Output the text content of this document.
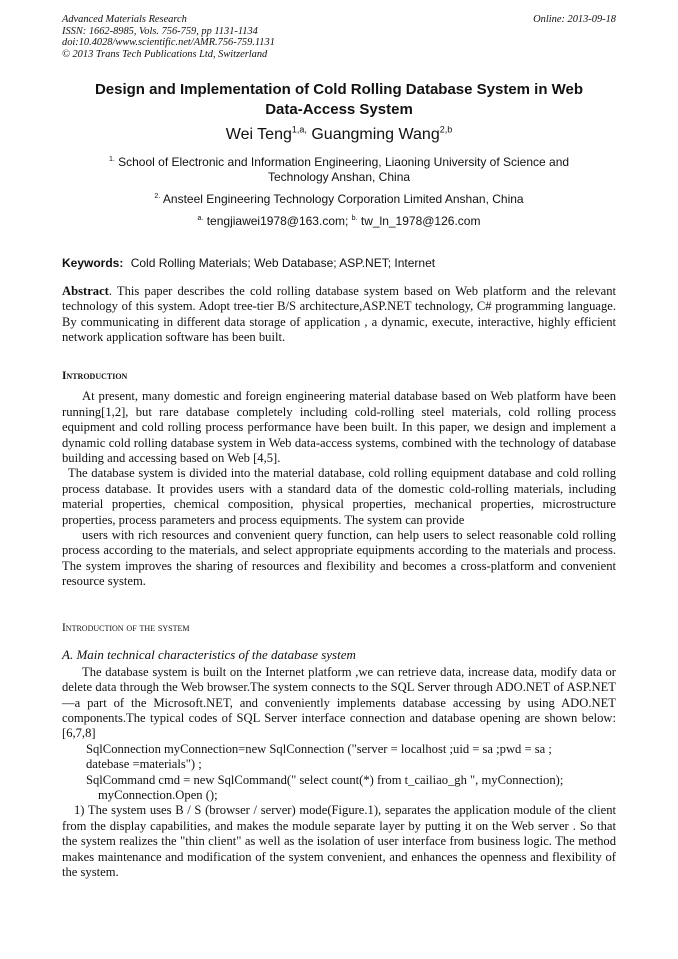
Advanced Materials Research
ISSN: 1662-8985, Vols. 756-759, pp 1131-1134
doi:10.4028/www.scientific.net/AMR.756-759.1131
© 2013 Trans Tech Publications Ltd, Switzerland
Online: 2013-09-18
Design and Implementation of Cold Rolling Database System in Web
Data-Access System
Wei Teng$^{1,a,}$ Guangming Wang$^{2,b}$
$^{1.}$ School of Electronic and Information Engineering, Liaoning University of Science and
Technology Anshan, China
$^{2.}$ Ansteel Engineering Technology Corporation Limited Anshan, China
$^{a.}$ tengjiawei1978@163.com; $^{b.}$ tw_ln_1978@126.com
Keywords: Cold Rolling Materials; Web Database; ASP.NET; Internet

Abstract. This paper describes the cold rolling database system based on Web platform and the relevant technology of this system. Adopt tree-tier B/S architecture,ASP.NET technology, C# programming language. By communicating in different data storage of application , a dynamic, execute, interactive, highly efficient network application software has been built.

Introduction

At present, many domestic and foreign engineering material database based on Web platform have been running[1,2], but rare database completely including cold-rolling steel materials, cold rolling process equipment and cold rolling process performance have been built. In this paper, we design and implement a dynamic cold rolling database system in Web data-access systems, combined with the technology of database building and accessing based on Web [4,5].

The database system is divided into the material database, cold rolling equipment database and cold rolling process database. It provides users with a standard data of the domestic cold-rolling materials, including material properties, chemical composition, physical properties, mechanical properties, microstructure properties, process parameters and process equipments. The system can provide

users with rich resources and convenient query function, can help users to select reasonable cold rolling process according to the materials, and select appropriate equipments according to the materials and process. The system improves the sharing of resources and flexibility and becomes a cross-platform and convenient resource system.

Introduction of the system

A. Main technical characteristics of the database system

The database system is built on the Internet platform ,we can retrieve data, increase data, modify data or delete data through the Web browser.The system connects to the SQL Server through ADO.NET of ASP.NET—a part of the Microsoft.NET, and conveniently implements database accessing by using ADO.NET components.The typical codes of SQL Server interface connection and database opening are shown below: [6,7,8]

SqlConnection myConnection=new SqlConnection ("server = localhost ;uid = sa ;pwd = sa ;

datebase =materials") ;

SqlCommand cmd = new SqlCommand(" select count(*) from t_cailiao_gh ", myConnection);

myConnection.Open ();

1) The system uses B / S (browser / server) mode(Figure.1), separates the application module of the client from the display capabilities, and makes the module separate layer by putting it on the Web server . So that the system realizes the "thin client" as well as the isolation of user interface from business logic. The method makes maintenance and modification of the system convenient, and enhances the openness and flexibility of the system.
